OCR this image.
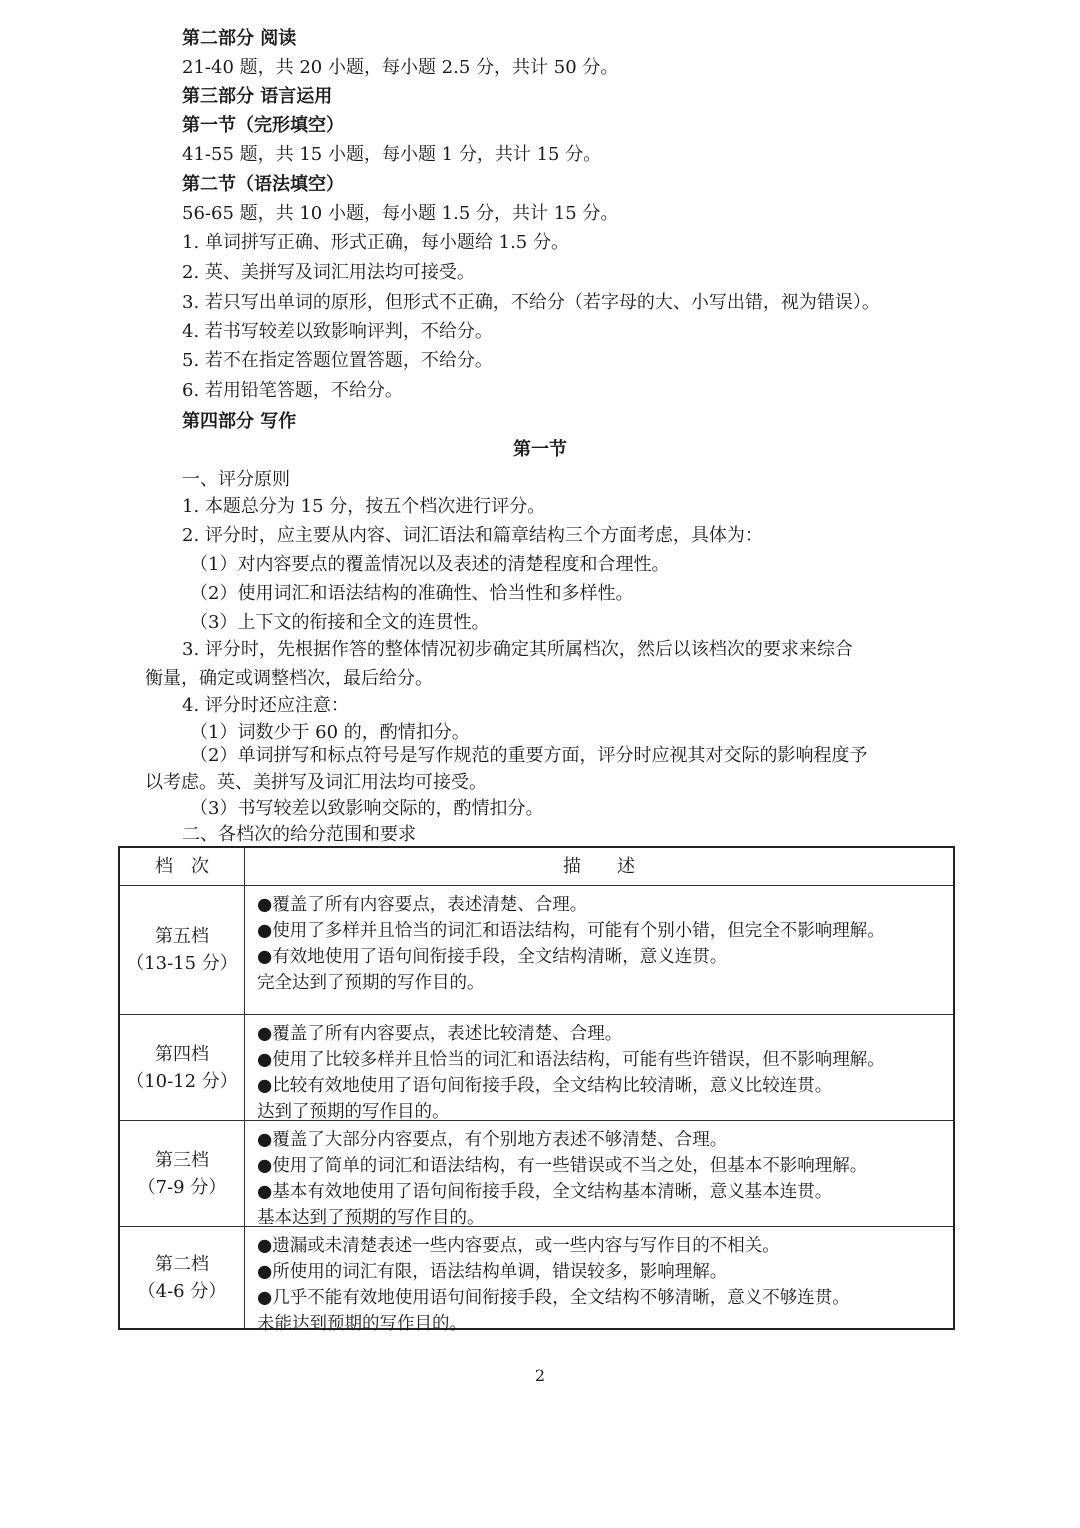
第二部分 阅读
21-40 题，共 20 小题，每小题 2.5 分，共计 50 分。
第三部分 语言运用
第一节（完形填空）
41-55 题，共 15 小题，每小题 1 分，共计 15 分。
第二节（语法填空）
56-65 题，共 10 小题，每小题 1.5 分，共计 15 分。
1. 单词拼写正确、形式正确，每小题给 1.5 分。
2. 英、美拼写及词汇用法均可接受。
3. 若只写出单词的原形，但形式不正确，不给分（若字母的大、小写出错，视为错误）。
4. 若书写较差以致影响评判，不给分。
5. 若不在指定答题位置答题，不给分。
6. 若用铅笔答题，不给分。
第四部分 写作
第一节
一、评分原则
1. 本题总分为 15 分，按五个档次进行评分。
2. 评分时，应主要从内容、词汇语法和篇章结构三个方面考虑，具体为：
（1）对内容要点的覆盖情况以及表述的清楚程度和合理性。
（2）使用词汇和语法结构的准确性、恰当性和多样性。
（3）上下文的衔接和全文的连贯性。
3. 评分时，先根据作答的整体情况初步确定其所属档次，然后以该档次的要求来综合
衡量，确定或调整档次，最后给分。
4. 评分时还应注意：
（1）词数少于 60 的，酌情扣分。
（2）单词拼写和标点符号是写作规范的重要方面，评分时应视其对交际的影响程度予
以考虑。英、美拼写及词汇用法均可接受。
（3）书写较差以致影响交际的，酌情扣分。
二、各档次的给分范围和要求
档　次	描　　述
第五档
（13-15 分）
●覆盖了所有内容要点，表述清楚、合理。
●使用了多样并且恰当的词汇和语法结构，可能有个别小错，但完全不影响理解。
●有效地使用了语句间衔接手段，全文结构清晰，意义连贯。
完全达到了预期的写作目的。
第四档
（10-12 分）
●覆盖了所有内容要点，表述比较清楚、合理。
●使用了比较多样并且恰当的词汇和语法结构，可能有些许错误，但不影响理解。
●比较有效地使用了语句间衔接手段，全文结构比较清晰，意义比较连贯。
达到了预期的写作目的。
第三档
（7-9 分）
●覆盖了大部分内容要点，有个别地方表述不够清楚、合理。
●使用了简单的词汇和语法结构，有一些错误或不当之处，但基本不影响理解。
●基本有效地使用了语句间衔接手段，全文结构基本清晰，意义基本连贯。
基本达到了预期的写作目的。
第二档
（4-6 分）
●遗漏或未清楚表述一些内容要点，或一些内容与写作目的不相关。
●所使用的词汇有限，语法结构单调，错误较多，影响理解。
●几乎不能有效地使用语句间衔接手段，全文结构不够清晰，意义不够连贯。
未能达到预期的写作目的。
2
